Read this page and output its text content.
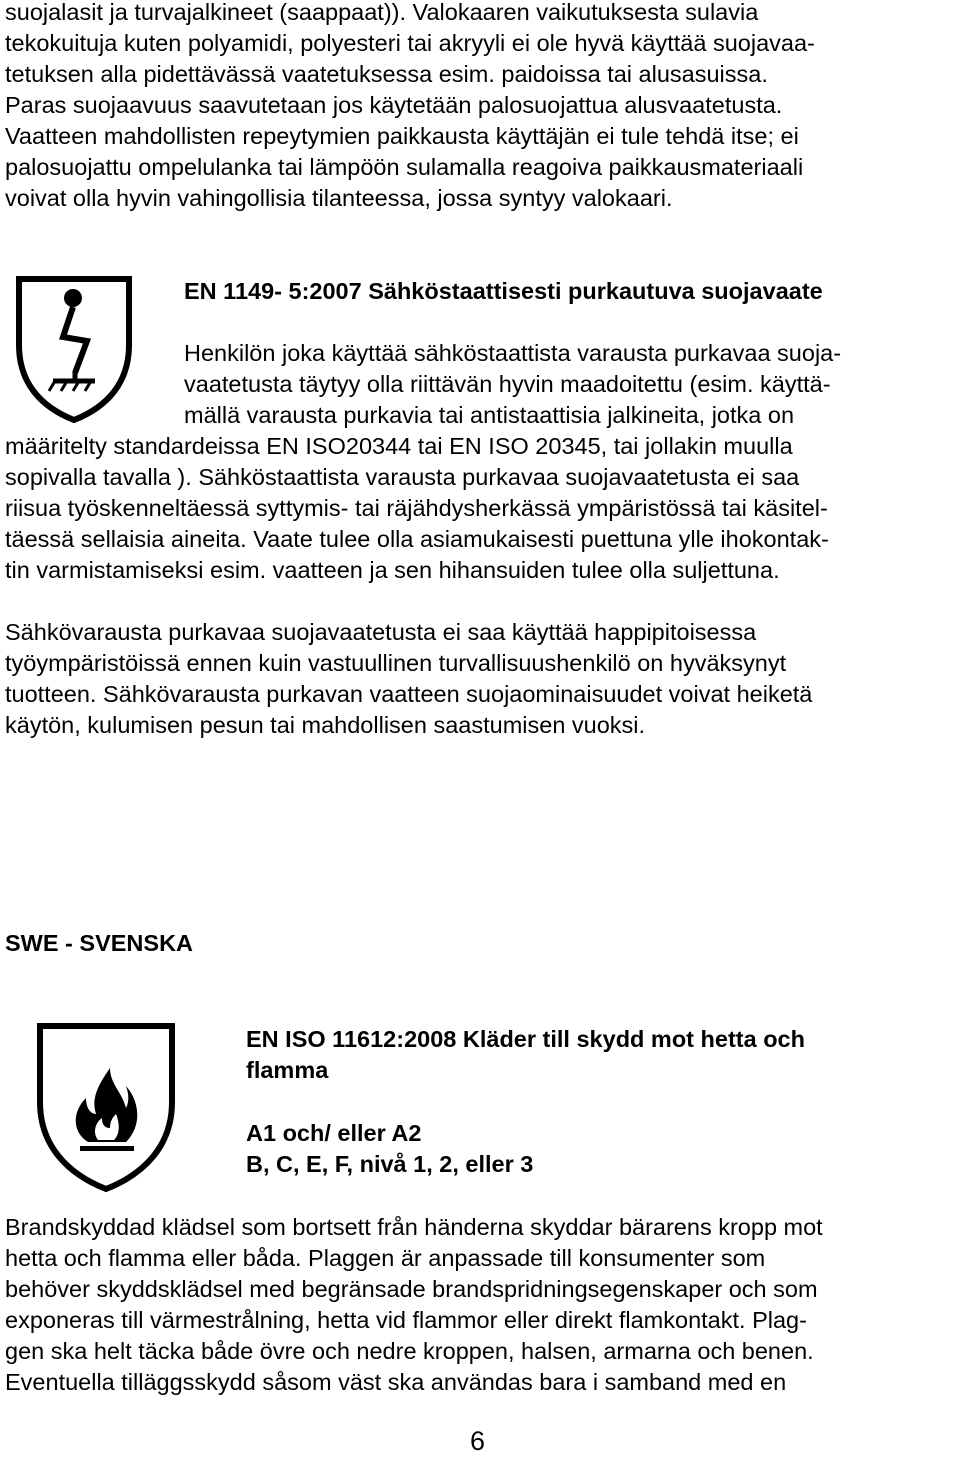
suojalasit ja turvajalkineet (saappaat)). Valokaaren vaikutuksesta sulavia
tekokuituja kuten polyamidi, polyesteri tai akryyli ei ole hyvä käyttää suojavaa-
tetuksen alla pidettävässä vaatetuksessa esim. paidoissa tai alusasuissa.
Paras suojaavuus saavutetaan jos käytetään palosuojattua alusvaatetusta.
Vaatteen mahdollisten repeytymien paikkausta käyttäjän ei tule tehdä itse; ei
palosuojattu ompelulanka tai lämpöön sulamalla reagoiva paikkausmateriaali
voivat olla hyvin vahingollisia tilanteessa, jossa syntyy valokaari.
EN 1149- 5:2007 Sähköstaattisesti purkautuva suojavaate
Henkilön joka käyttää sähköstaattista varausta purkavaa suoja-
vaatetusta täytyy olla riittävän hyvin maadoitettu (esim. käyttä-
mällä varausta purkavia tai antistaattisia jalkineita, jotka on
määritelty standardeissa EN ISO20344 tai EN ISO 20345, tai jollakin muulla
sopivalla tavalla ). Sähköstaattista varausta purkavaa suojavaatetusta ei saa
riisua työskenneltäessä syttymis- tai räjähdysherkässä ympäristössä tai käsitel-
täessä sellaisia aineita. Vaate tulee olla asiamukaisesti puettuna ylle ihokontak-
tin varmistamiseksi esim. vaatteen ja sen hihansuiden tulee olla suljettuna.
Sähkövarausta purkavaa suojavaatetusta ei saa käyttää happipitoisessa
työympäristöissä ennen kuin vastuullinen turvallisuushenkilö on hyväksynyt
tuotteen. Sähkövarausta purkavan vaatteen suojaominaisuudet voivat heiketä
käytön, kulumisen pesun tai mahdollisen saastumisen vuoksi.
SWE - SVENSKA
EN ISO 11612:2008 Kläder till skydd mot hetta och
flamma
A1 och/ eller A2
B, C, E, F, nivå 1, 2, eller 3
Brandskyddad klädsel som bortsett från händerna skyddar bärarens kropp mot
hetta och flamma eller båda. Plaggen är anpassade till konsumenter som
behöver skyddsklädsel med begränsade brandspridningsegenskaper och som
exponeras till värmestrålning, hetta vid flammor eller direkt flamkontakt. Plag-
gen ska helt täcka både övre och nedre kroppen, halsen, armarna och benen.
Eventuella tilläggsskydd såsom väst ska användas bara i samband med en
6
